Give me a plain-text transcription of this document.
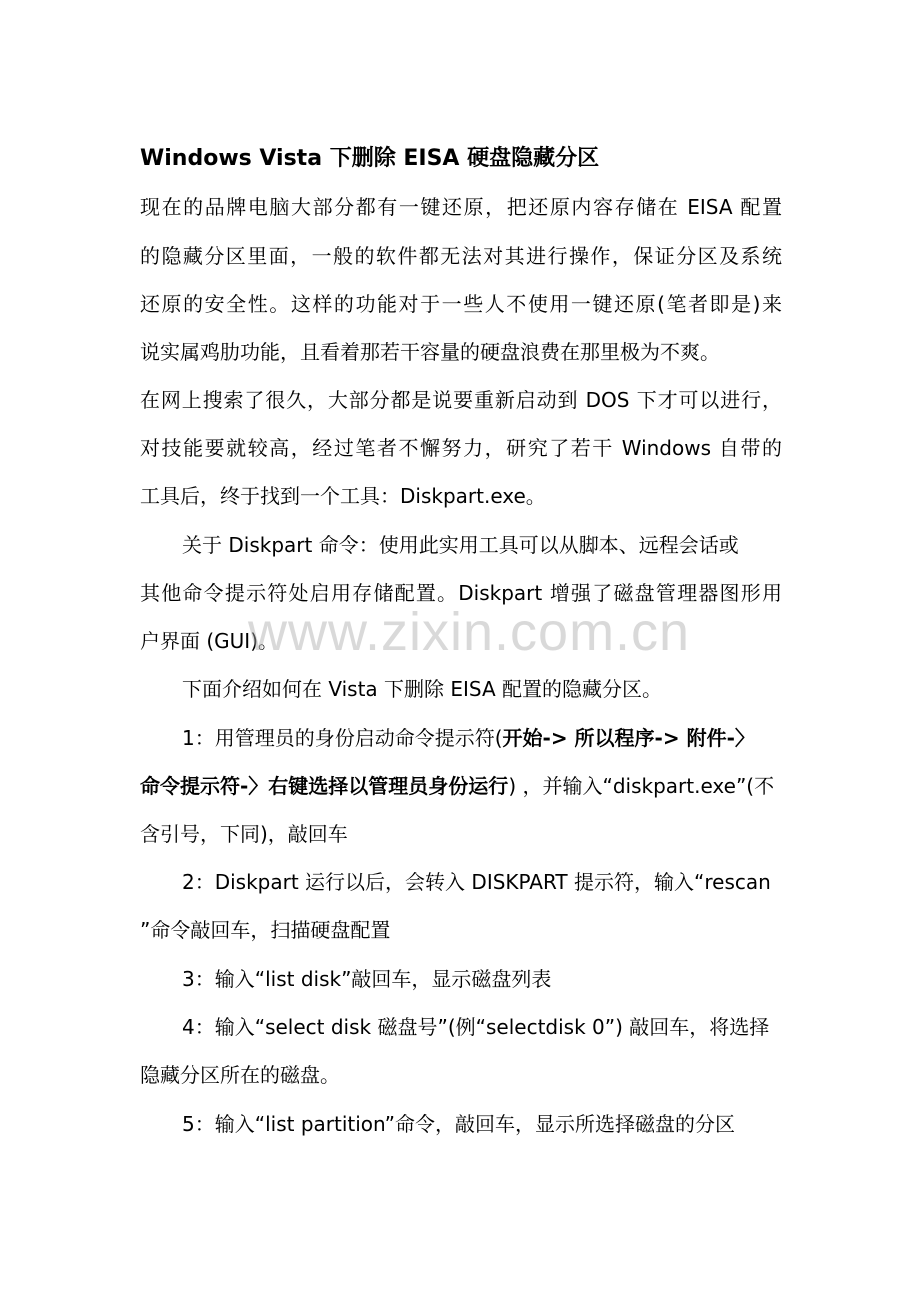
Windows Vista 下删除 EISA 硬盘隐藏分区
现在的品牌电脑大部分都有一键还原，把还原内容存储在 EISA 配置
的隐藏分区里面，一般的软件都无法对其进行操作，保证分区及系统
还原的安全性。这样的功能对于一些人不使用一键还原(笔者即是)来
说实属鸡肋功能，且看着那若干容量的硬盘浪费在那里极为不爽。
在网上搜索了很久，大部分都是说要重新启动到 DOS 下才可以进行，
对技能要就较高，经过笔者不懈努力，研究了若干 Windows 自带的
工具后，终于找到一个工具：Diskpart.exe。
关于 Diskpart 命令：使用此实用工具可以从脚本、远程会话或
其他命令提示符处启用存储配置。Diskpart 增强了磁盘管理器图形用
户界面 (GUI)。
www.zixin.com.cn
下面介绍如何在 Vista 下删除 EISA 配置的隐藏分区。
1：用管理员的身份启动命令提示符(开始-> 所以程序-> 附件-〉
命令提示符-〉右键选择以管理员身份运行) ，并输入“diskpart.exe”(不
含引号，下同)，敲回车
2：Diskpart 运行以后，会转入 DISKPART 提示符，输入“rescan
”命令敲回车，扫描硬盘配置
3：输入“list disk”敲回车，显示磁盘列表
4：输入“select disk 磁盘号”(例“selectdisk 0”) 敲回车，将选择
隐藏分区所在的磁盘。
5：输入“list partition”命令，敲回车，显示所选择磁盘的分区
